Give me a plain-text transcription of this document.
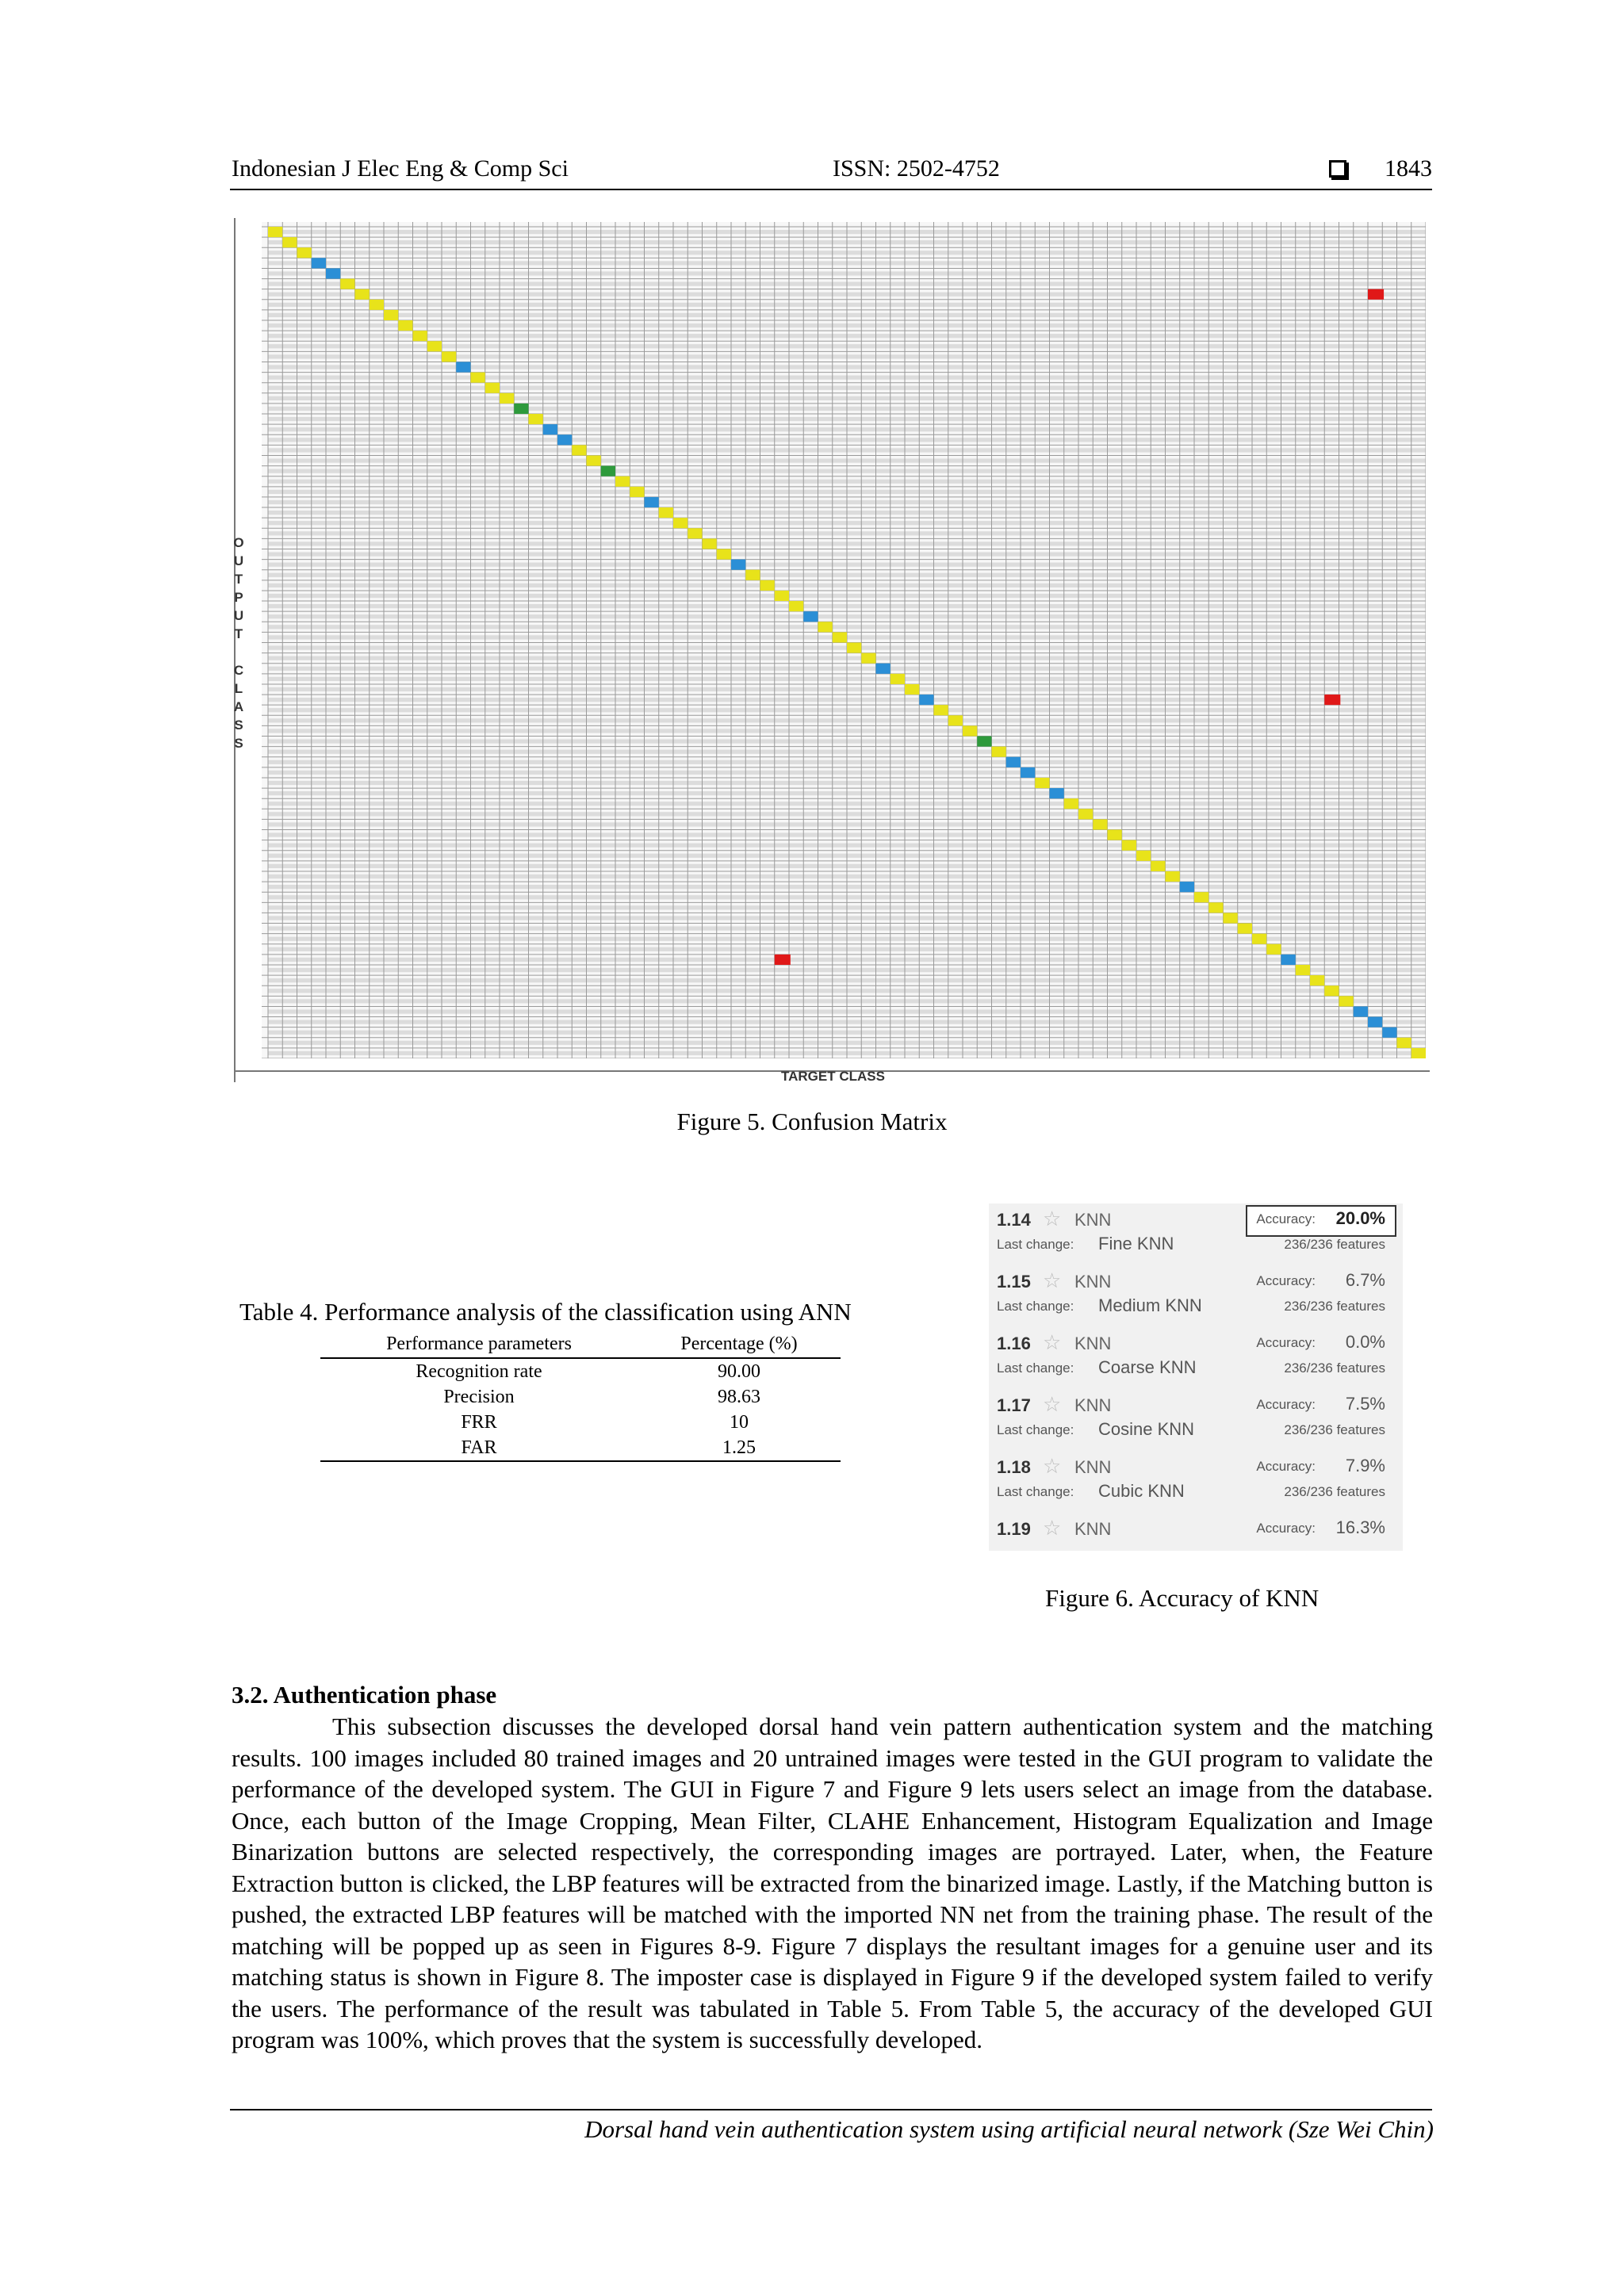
Indonesian J Elec Eng & Comp Sci	ISSN: 2502-4752	1843
O
U
T
P
U
T
C
L
A
S
S
TARGET CLASS
Figure 5. Confusion Matrix
Table 4. Performance analysis of the classification using ANN
Performance parameters	Percentage (%)
Recognition rate	90.00
Precision	98.63
FRR	10
FAR	1.25
1.14 ☆ KNN
Last change: Fine KNN
Accuracy: 20.0%
236/236 features
1.15 ☆ KNN
Last change: Medium KNN
Accuracy: 6.7%
236/236 features
1.16 ☆ KNN
Last change: Coarse KNN
Accuracy: 0.0%
236/236 features
1.17 ☆ KNN
Last change: Cosine KNN
Accuracy: 7.5%
236/236 features
1.18 ☆ KNN
Last change: Cubic KNN
Accuracy: 7.9%
236/236 features
1.19 ☆ KNN	Accuracy: 16.3%
Figure 6. Accuracy of KNN
3.2. Authentication phase

This subsection discusses the developed dorsal hand vein pattern authentication system and the matching results. 100 images included 80 trained images and 20 untrained images were tested in the GUI program to validate the performance of the developed system. The GUI in Figure 7 and Figure 9 lets users select an image from the database. Once, each button of the Image Cropping, Mean Filter, CLAHE Enhancement, Histogram Equalization and Image Binarization buttons are selected respectively, the corresponding images are portrayed. Later, when, the Feature Extraction button is clicked, the LBP features will be extracted from the binarized image. Lastly, if the Matching button is pushed, the extracted LBP features will be matched with the imported NN net from the training phase. The result of the matching will be popped up as seen in Figures 8-9. Figure 7 displays the resultant images for a genuine user and its matching status is shown in Figure 8. The imposter case is displayed in Figure 9 if the developed system failed to verify the users. The performance of the result was tabulated in Table 5. From Table 5, the accuracy of the developed GUI program was 100%, which proves that the system is successfully developed.

Dorsal hand vein authentication system using artificial neural network (Sze Wei Chin)
